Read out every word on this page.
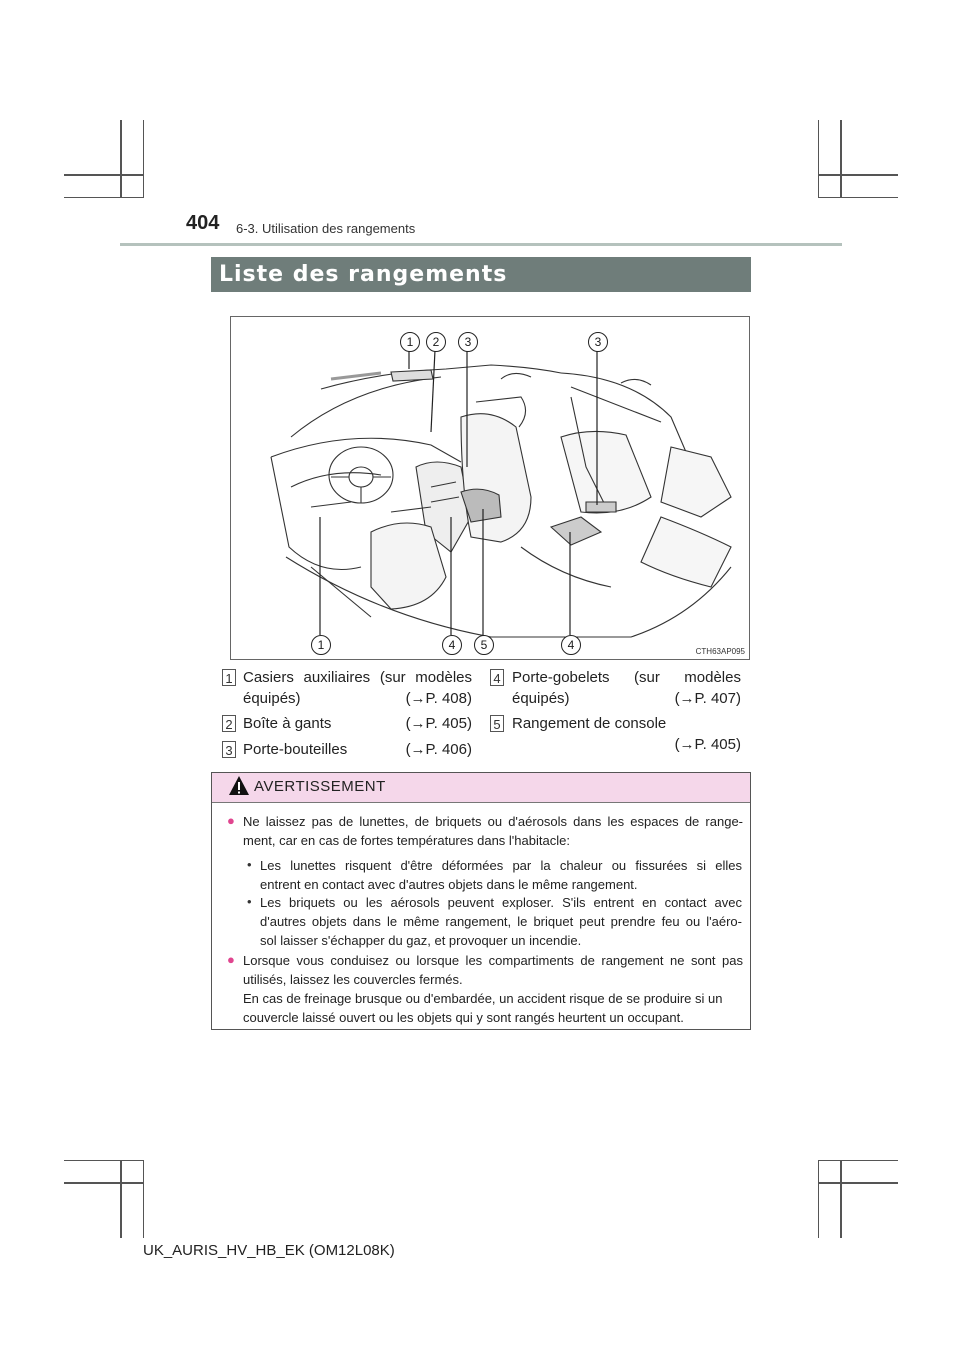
404 6-3. Utilisation des rangements
Liste des rangements
1	2	3	3
1	4	5	4	CTH63AP095
1 Casiers auxiliaires (sur modèles
équipés)	(→P. 408)
2 Boîte à gants	(→P. 405)
3 Porte-bouteilles	(→P. 406)
4 Porte-gobelets (sur modèles
équipés)	(→P. 407)
5 Rangement de console
(→P. 405)
AVERTISSEMENT
● Ne laissez pas de lunettes, de briquets ou d'aérosols dans les espaces de range-
ment, car en cas de fortes températures dans l'habitacle:
• Les lunettes risquent d'être déformées par la chaleur ou fissurées si elles
entrent en contact avec d'autres objets dans le même rangement.
• Les briquets ou les aérosols peuvent exploser. S'ils entrent en contact avec
d'autres objets dans le même rangement, le briquet peut prendre feu ou l'aéro-
sol laisser s'échapper du gaz, et provoquer un incendie.
● Lorsque vous conduisez ou lorsque les compartiments de rangement ne sont pas
utilisés, laissez les couvercles fermés.
En cas de freinage brusque ou d'embardée, un accident risque de se produire si un
couvercle laissé ouvert ou les objets qui y sont rangés heurtent un occupant.
UK_AURIS_HV_HB_EK (OM12L08K)
